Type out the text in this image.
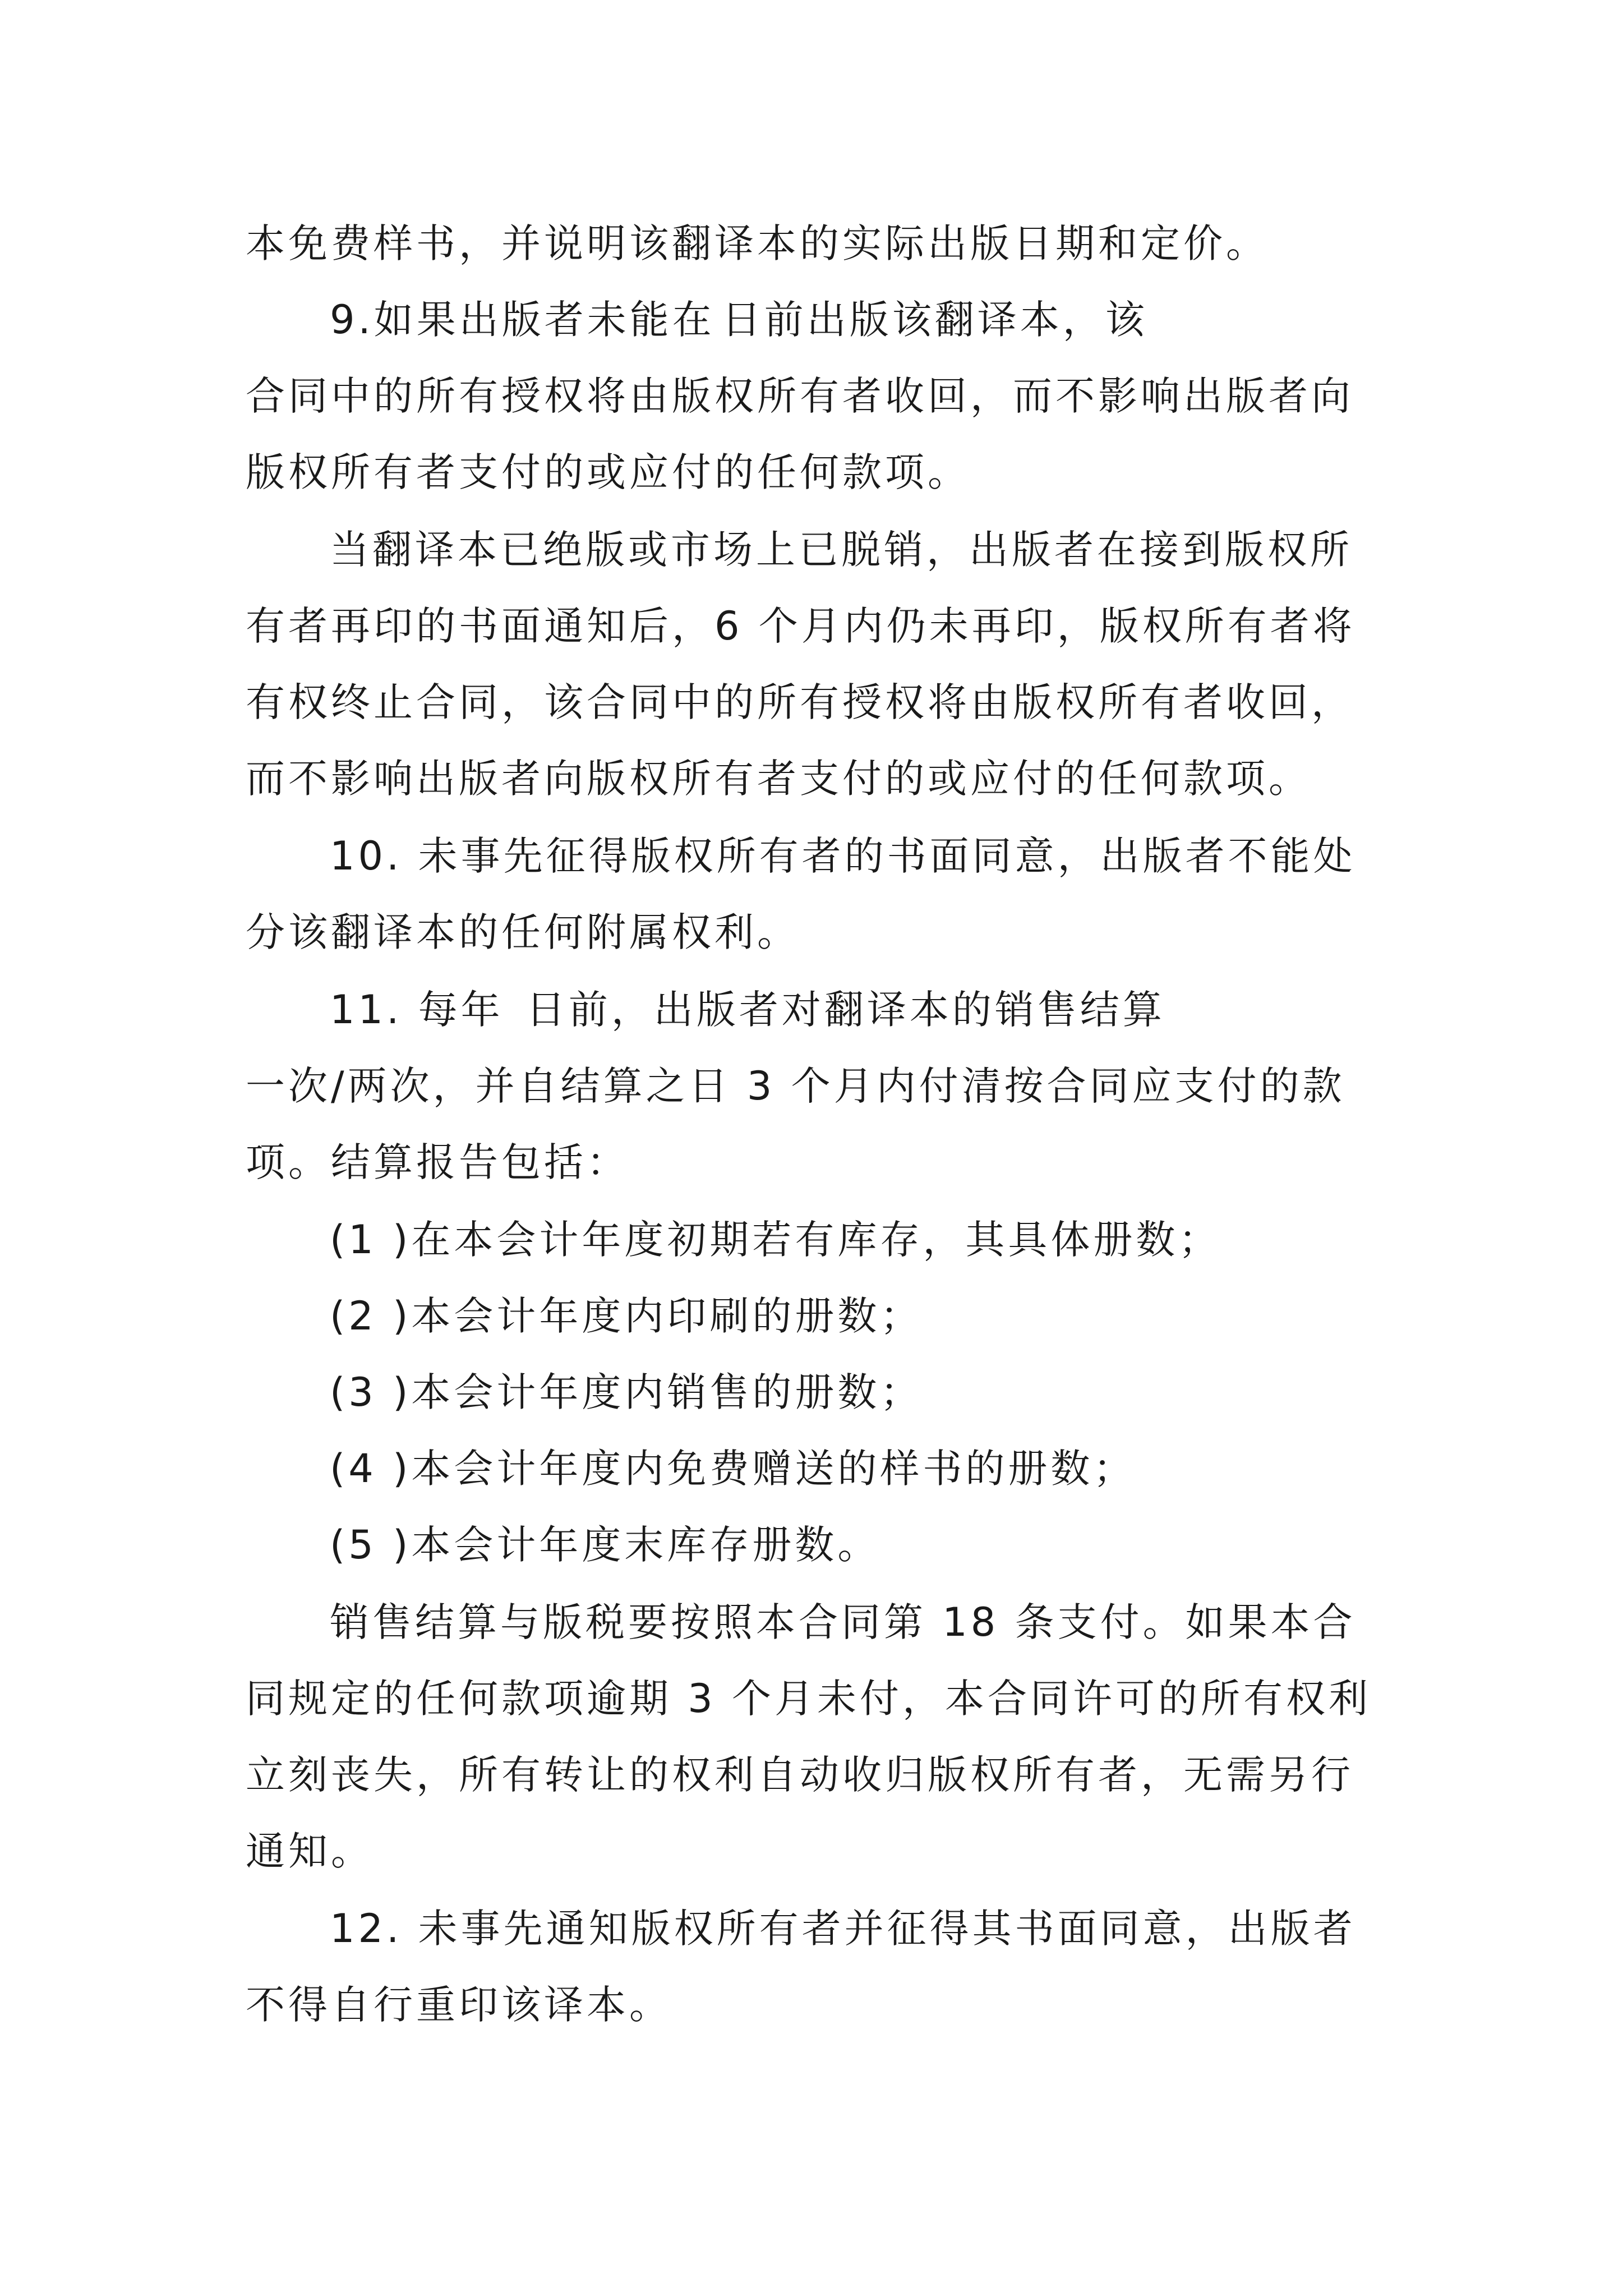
本免费样书，并说明该翻译本的实际出版日期和定价。
9.如果出版者未能在 日前出版该翻译本，该
合同中的所有授权将由版权所有者收回，而不影响出版者向
版权所有者支付的或应付的任何款项。
当翻译本已绝版或市场上已脱销，出版者在接到版权所
有者再印的书面通知后，6 个月内仍未再印，版权所有者将
有权终止合同，该合同中的所有授权将由版权所有者收回，
而不影响出版者向版权所有者支付的或应付的任何款项。
10. 未事先征得版权所有者的书面同意，出版者不能处
分该翻译本的任何附属权利。
11. 每年 日前，出版者对翻译本的销售结算
一次/两次，并自结算之日 3 个月内付清按合同应支付的款
项。结算报告包括：
(1 )在本会计年度初期若有库存，其具体册数；
(2 )本会计年度内印刷的册数；
(3 )本会计年度内销售的册数；
(4 )本会计年度内免费赠送的样书的册数；
(5 )本会计年度末库存册数。
销售结算与版税要按照本合同第 18 条支付。如果本合
同规定的任何款项逾期 3 个月未付，本合同许可的所有权利
立刻丧失，所有转让的权利自动收归版权所有者，无需另行
通知。
12. 未事先通知版权所有者并征得其书面同意，出版者
不得自行重印该译本。
